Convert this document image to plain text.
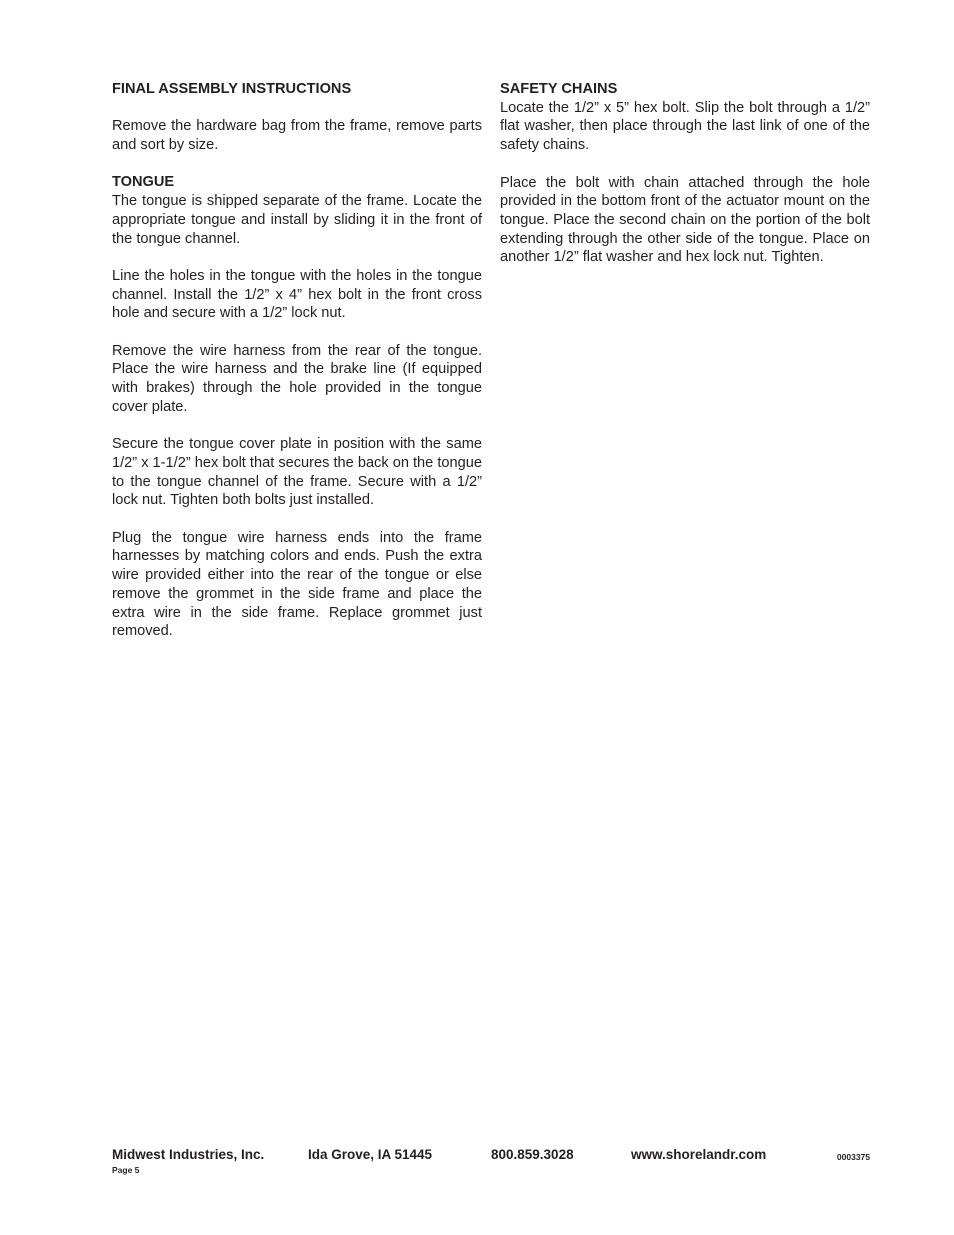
FINAL ASSEMBLY INSTRUCTIONS

Remove the hardware bag from the frame, remove parts and sort by size.

TONGUE

The tongue is shipped separate of the frame. Locate the appropriate tongue and install by sliding it in the front of the tongue channel.

Line the holes in the tongue with the holes in the tongue channel. Install the 1/2” x 4” hex bolt in the front cross hole and secure with a 1/2” lock nut.

Remove the wire harness from the rear of the tongue. Place the wire harness and the brake line (If equipped with brakes) through the hole provided in the tongue cover plate.

Secure the tongue cover plate in position with the same 1/2” x 1-1/2” hex bolt that secures the back on the tongue to the tongue channel of the frame. Secure with a 1/2” lock nut. Tighten both bolts just installed.

Plug the tongue wire harness ends into the frame harnesses by matching colors and ends. Push the extra wire provided either into the rear of the tongue or else remove the grommet in the side frame and place the extra wire in the side frame. Replace grommet just removed.

SAFETY CHAINS

Locate the 1/2” x 5” hex bolt. Slip the bolt through a 1/2” flat washer, then place through the last link of one of the safety chains.

Place the bolt with chain attached through the hole provided in the bottom front of the actuator mount on the tongue. Place the second chain on the portion of the bolt extending through the other side of the tongue. Place on another 1/2” flat washer and hex lock nut. Tighten.

Midwest Industries, Inc.	Ida Grove, IA 51445	800.859.3028	www.shorelandr.com	0003375
Page 5
